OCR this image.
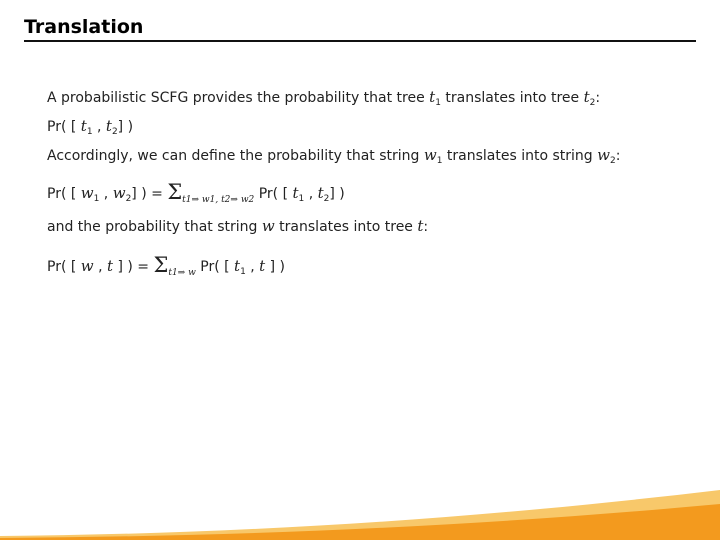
Translation
A probabilistic SCFG provides the probability that tree $t_1$ translates into tree $t_2$:
Pr( [ $t_1$ , $t_2$] )
Accordingly, we can define the probability that string $w_1$ translates into string $w_2$:
Pr( [ $w_1$ , $w_2$] ) = $\Sigma_{t1\Rightarrow w1, t2\Rightarrow w2}$ Pr( [ $t_1$ , $t_2$] )
and the probability that string w translates into tree t:
Pr( [ w , t ] ) = $\Sigma_{t1\Rightarrow w}$ Pr( [ $t_1$ , t ] )
